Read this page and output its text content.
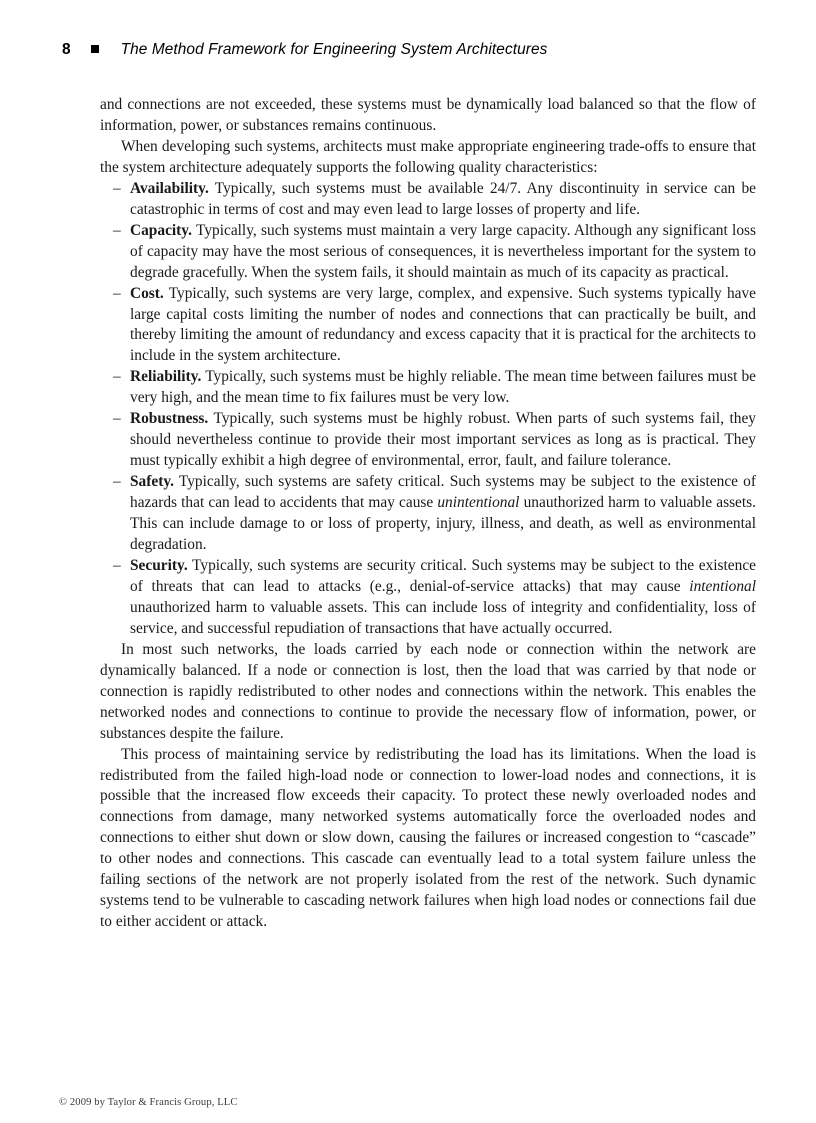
8	The Method Framework for Engineering System Architectures

and connections are not exceeded, these systems must be dynamically load balanced so that the flow of information, power, or substances remains continuous.

When developing such systems, architects must make appropriate engineering trade-offs to ensure that the system architecture adequately supports the following quality characteristics:

– Availability. Typically, such systems must be available 24/7. Any discontinuity in service can be catastrophic in terms of cost and may even lead to large losses of property and life.
– Capacity. Typically, such systems must maintain a very large capacity. Although any significant loss of capacity may have the most serious of consequences, it is nevertheless important for the system to degrade gracefully. When the system fails, it should maintain as much of its capacity as practical.
– Cost. Typically, such systems are very large, complex, and expensive. Such systems typically have large capital costs limiting the number of nodes and connections that can practically be built, and thereby limiting the amount of redundancy and excess capacity that it is practical for the architects to include in the system architecture.
– Reliability. Typically, such systems must be highly reliable. The mean time between failures must be very high, and the mean time to fix failures must be very low.
– Robustness. Typically, such systems must be highly robust. When parts of such systems fail, they should nevertheless continue to provide their most important services as long as is practical. They must typically exhibit a high degree of environmental, error, fault, and failure tolerance.
– Safety. Typically, such systems are safety critical. Such systems may be subject to the existence of hazards that can lead to accidents that may cause unintentional unauthorized harm to valuable assets. This can include damage to or loss of property, injury, illness, and death, as well as environmental degradation.
– Security. Typically, such systems are security critical. Such systems may be subject to the existence of threats that can lead to attacks (e.g., denial-of-service attacks) that may cause intentional unauthorized harm to valuable assets. This can include loss of integrity and confidentiality, loss of service, and successful repudiation of transactions that have actually occurred.

In most such networks, the loads carried by each node or connection within the network are dynamically balanced. If a node or connection is lost, then the load that was carried by that node or connection is rapidly redistributed to other nodes and connections within the network. This enables the networked nodes and connections to continue to provide the necessary flow of information, power, or substances despite the failure.

This process of maintaining service by redistributing the load has its limitations. When the load is redistributed from the failed high-load node or connection to lower-load nodes and connections, it is possible that the increased flow exceeds their capacity. To protect these newly overloaded nodes and connections from damage, many networked systems automatically force the overloaded nodes and connections to either shut down or slow down, causing the failures or increased congestion to “cascade” to other nodes and connections. This cascade can eventually lead to a total system failure unless the failing sections of the network are not properly isolated from the rest of the network. Such dynamic systems tend to be vulnerable to cascading network failures when high load nodes or connections fail due to either accident or attack.

© 2009 by Taylor & Francis Group, LLC
